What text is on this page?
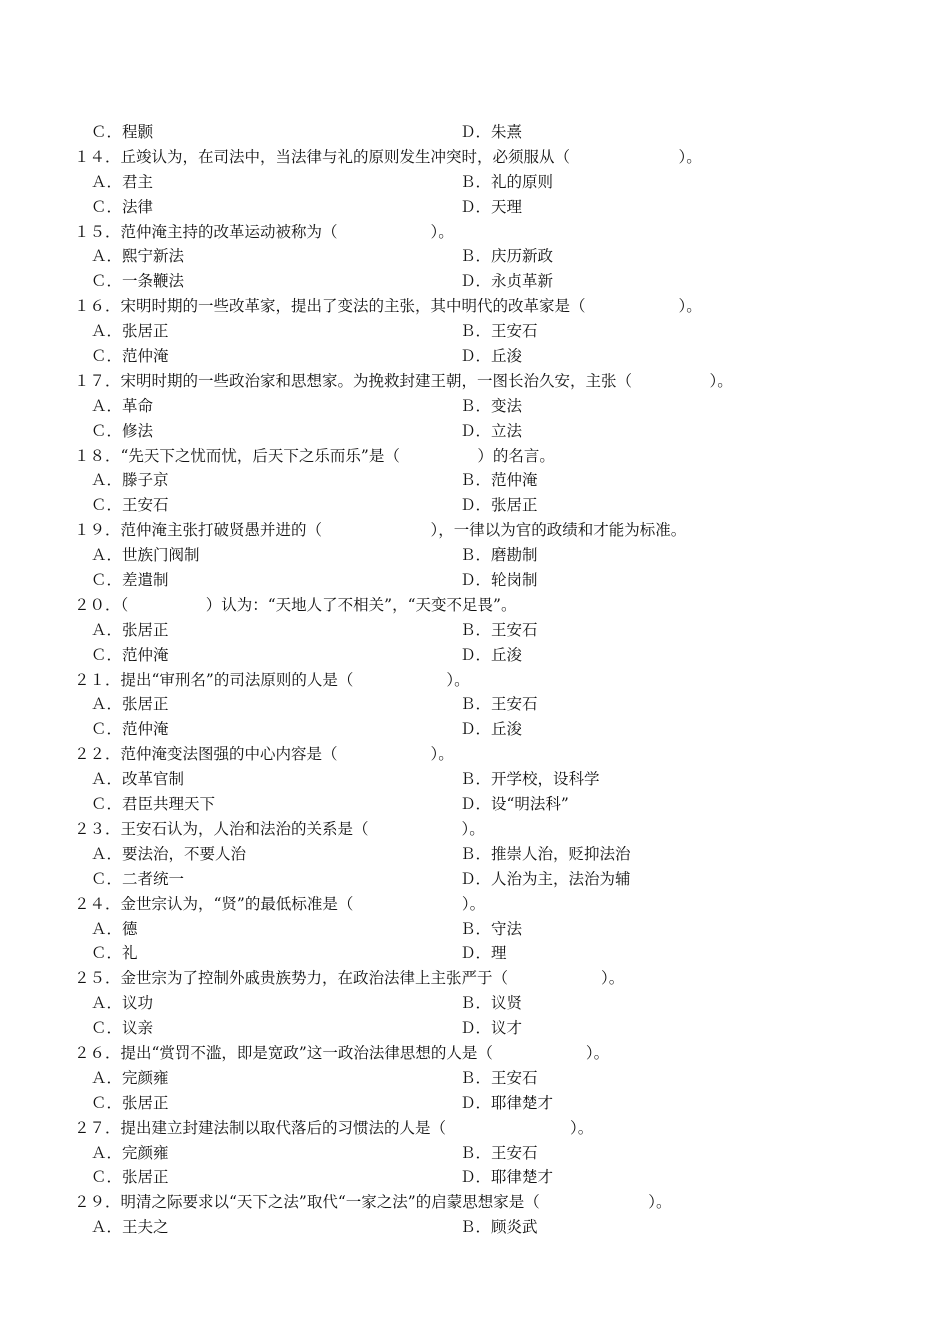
Ｃ．程颢	Ｄ．朱熹
１４．丘竣认为，在司法中，当法律与礼的原则发生冲突时，必须服从（　　　　　　　）。
Ａ．君主	Ｂ．礼的原则
Ｃ．法律	Ｄ．天理
１５．范仲淹主持的改革运动被称为（　　　　　　）。
Ａ．熙宁新法	Ｂ．庆历新政
Ｃ．一条鞭法	Ｄ．永贞革新
１６．宋明时期的一些改革家，提出了变法的主张，其中明代的改革家是（　　　　　　）。
Ａ．张居正	Ｂ．王安石
Ｃ．范仲淹	Ｄ．丘浚
１７．宋明时期的一些政治家和思想家。为挽救封建王朝，一图长治久安，主张（　　　　　）。
Ａ．革命	Ｂ．变法
Ｃ．修法	Ｄ．立法
１８．“先天下之忧而忧，后天下之乐而乐”是（　　　　　）的名言。
Ａ．滕子京	Ｂ．范仲淹
Ｃ．王安石	Ｄ．张居正
１９．范仲淹主张打破贤愚并进的（　　　　　　　），一律以为官的政绩和才能为标准。
Ａ．世族门阀制	Ｂ．磨勘制
Ｃ．差遣制	Ｄ．轮岗制
２０．（　　　　　）认为：“天地人了不相关”，“天变不足畏”。
Ａ．张居正	Ｂ．王安石
Ｃ．范仲淹	Ｄ．丘浚
２１．提出“审刑名”的司法原则的人是（　　　　　　）。
Ａ．张居正	Ｂ．王安石
Ｃ．范仲淹	Ｄ．丘浚
２２．范仲淹变法图强的中心内容是（　　　　　　）。
Ａ．改革官制	Ｂ．开学校，设科学
Ｃ．君臣共理天下	Ｄ．设“明法科”
２３．王安石认为，人治和法治的关系是（　　　　　　）。
Ａ．要法治，不要人治	Ｂ．推崇人治，贬抑法治
Ｃ．二者统一	Ｄ．人治为主，法治为辅
２４．金世宗认为，“贤”的最低标准是（　　　　　　　）。
Ａ．德	Ｂ．守法
Ｃ．礼	Ｄ．理
２５．金世宗为了控制外戚贵族势力，在政治法律上主张严于（　　　　　　）。
Ａ．议功	Ｂ．议贤
Ｃ．议亲	Ｄ．议才
２６．提出“赏罚不滥，即是宽政”这一政治法律思想的人是（　　　　　　）。
Ａ．完颜雍	Ｂ．王安石
Ｃ．张居正	Ｄ．耶律楚才
２７．提出建立封建法制以取代落后的习惯法的人是（　　　　　　　　）。
Ａ．完颜雍	Ｂ．王安石
Ｃ．张居正	Ｄ．耶律楚才
２９．明清之际要求以“天下之法”取代“一家之法”的启蒙思想家是（　　　　　　　）。
Ａ．王夫之	Ｂ．顾炎武
